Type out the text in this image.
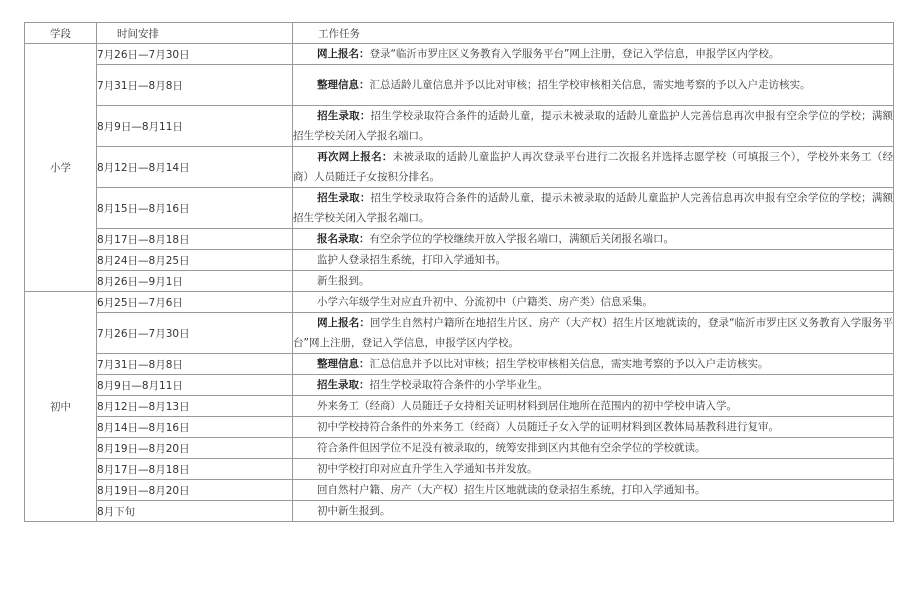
学段	时间安排	工作任务
小学	7月26日—7月30日	网上报名：登录“临沂市罗庄区义务教育入学服务平台”网上注册，登记入学信息，申报学区内学校。
	7月31日—8月8日	整理信息：汇总适龄儿童信息并予以比对审核；招生学校审核相关信息，需实地考察的予以入户走访核实。
	8月9日—8月11日	招生录取：招生学校录取符合条件的适龄儿童，提示未被录取的适龄儿童监护人完善信息再次申报有空余学位的学校；满额招生学校关闭入学报名端口。
	8月12日—8月14日	再次网上报名：未被录取的适龄儿童监护人再次登录平台进行二次报名并选择志愿学校（可填报三个），学校外来务工（经商）人员随迁子女按积分排名。
	8月15日—8月16日	招生录取：招生学校录取符合条件的适龄儿童，提示未被录取的适龄儿童监护人完善信息再次申报有空余学位的学校；满额招生学校关闭入学报名端口。
	8月17日—8月18日	报名录取：有空余学位的学校继续开放入学报名端口，满额后关闭报名端口。
	8月24日—8月25日	监护人登录招生系统，打印入学通知书。
	8月26日—9月1日	新生报到。
初中	6月25日—7月6日	小学六年级学生对应直升初中、分流初中（户籍类、房产类）信息采集。
	7月26日—7月30日	网上报名：回学生自然村户籍所在地招生片区、房产（大产权）招生片区地就读的，登录“临沂市罗庄区义务教育入学服务平台”网上注册，登记入学信息，申报学区内学校。
	7月31日—8月8日	整理信息：汇总信息并予以比对审核；招生学校审核相关信息，需实地考察的予以入户走访核实。
	8月9日—8月11日	招生录取：招生学校录取符合条件的小学毕业生。
	8月12日—8月13日	外来务工（经商）人员随迁子女持相关证明材料到居住地所在范围内的初中学校申请入学。
	8月14日—8月16日	初中学校持符合条件的外来务工（经商）人员随迁子女入学的证明材料到区教体局基教科进行复审。
	8月19日—8月20日	符合条件但因学位不足没有被录取的，统筹安排到区内其他有空余学位的学校就读。
	8月17日—8月18日	初中学校打印对应直升学生入学通知书并发放。
	8月19日—8月20日	回自然村户籍、房产（大产权）招生片区地就读的登录招生系统，打印入学通知书。
	8月下旬	初中新生报到。
